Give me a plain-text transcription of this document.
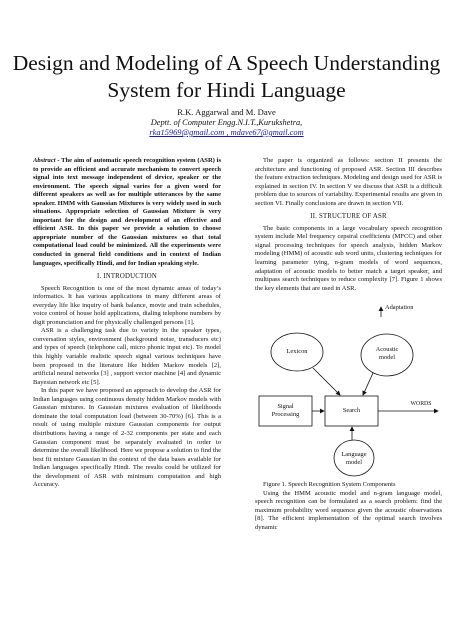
Design and Modeling of A Speech Understanding System for Hindi Language
R.K. Aggarwal and M. Dave
Deptt. of Computer Engg.N.I.T.,Kurukshetra,
rka15969@gmail.com , mdave67@gmail.com

Abstract - The aim of automatic speech recognition system (ASR) is to provide an efficient and accurate mechanism to convert speech signal into text message independent of device, speaker or the environment. The speech signal varies for a given word for different speakers as well as for multiple utterances by the same speaker. HMM with Gaussian Mixtures is very widely used in such situations. Appropriate selection of Gaussian Mixture is very important for the design and development of an effective and efficient ASR. In this paper we provide a solution to choose appropriate number of the Gaussian mixtures so that total computational load could be minimized. All the experiments were conducted in general field conditions and in context of Indian languages, specifically Hindi, and for Indian speaking style.

I. INTRODUCTION

Speech Recognition is one of the most dynamic areas of today’s informatics. It has various applications in many different areas of everyday life like inquiry of bank balance, movie and train schedules, voice control of house hold applications, dialing telephone numbers by digit pronunciation and for physically challenged persons [1].

ASR is a challenging task due to variety in the speaker types, conversation styles, environment (background noise, transducers etc) and types of speech (telephone call, micro phonic input etc). To model this highly variable realistic speech signal various techniques have been proposed in the literature like hidden Markov models [2], artificial neural networks [3] , support vector machine [4] and dynamic Bayesian network etc [5].

In this paper we have proposed an approach to develop the ASR for Indian languages using continuous density hidden Markov models with Gaussian mixtures. In Gaussian mixtures evaluation of likelihoods dominate the total computation load (between 30-70%) [6]. This is a result of using multiple mixture Gaussian components for output distributions having a range of 2-32 components per state and each Gaussian component must be separately evaluated in order to determine the overall likelihood. Here we propose a solution to find the best fit mixture Gaussian in the context of the data bases available for Indian languages specifically Hindi. The results could be utilized for the development of ASR with minimum computation and high Accuracy.

The paper is organized as follows: section II presents the architecture and functioning of proposed ASR. Section III describes the feature extraction techniques. Modeling and design used for ASR is explained in section IV. In section V we discuss that ASR is a difficult problem due to sources of variability. Experimental results are given in section VI. Finally conclusions are drawn in section VII.

II. STRUCTURE OF ASR

The basic components in a large vocabulary speech recognition system include Mel frequency cepstral coefficients (MFCC) and other signal processing techniques for speech analysis, hidden Markov modeling (HMM) of acoustic sub word units, clustering techniques for learning parameter tying, n-gram models of word sequences, adaptation of acoustic models to better match a target speaker, and multipass search techniques to reduce complexity [7]. Figure 1 shows the key elements that are used in ASR.

Adaptation
Lexicon	Acoustic
model
Signal
Processing	Search
WORDS
Language
model

Figure 1. Speech Recognition System Components

Using the HMM acoustic model and n-gram language model, speech recognition can be formulated as a search problem: find the maximum probability word sequence given the acoustic observations [8]. The efficient implementation of the optimal search involves dynamic
